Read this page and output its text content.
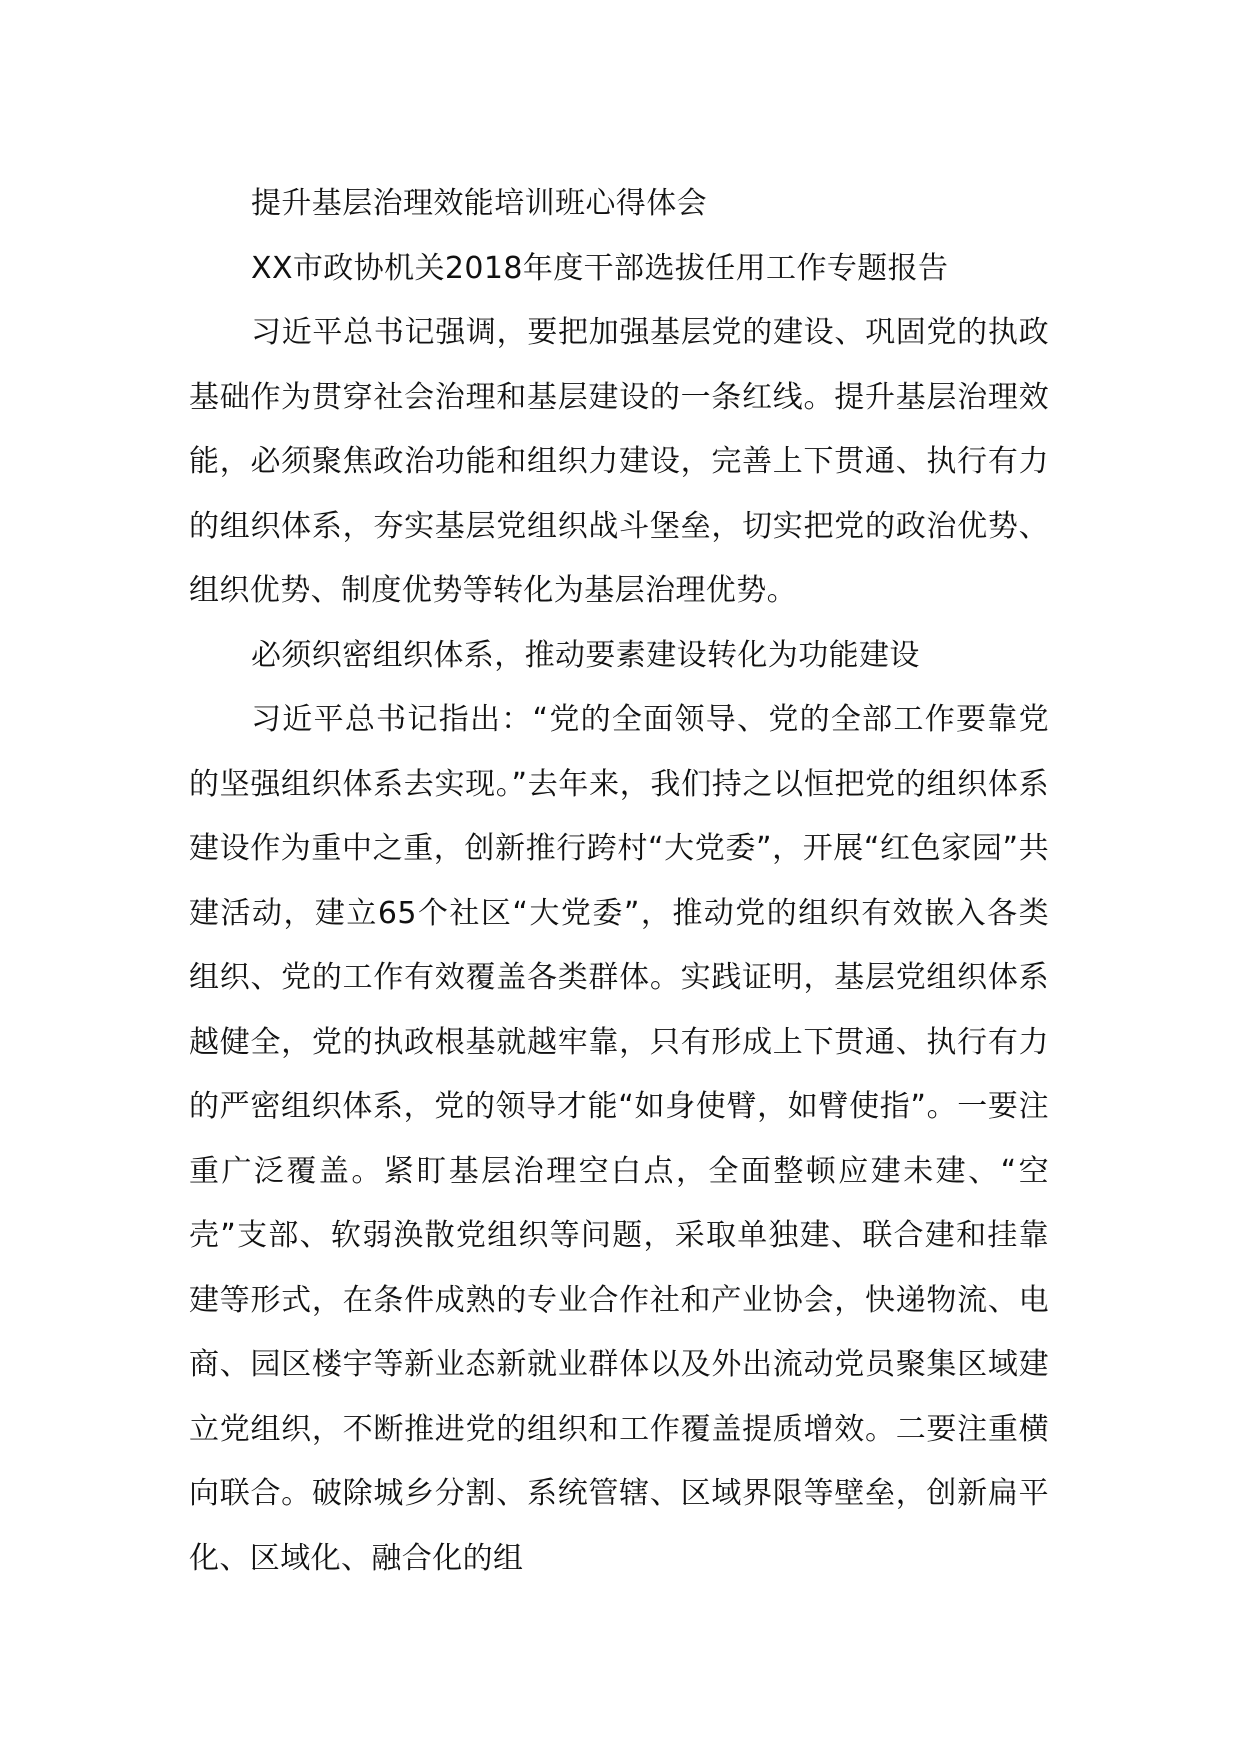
提升基层治理效能培训班心得体会

XX市政协机关2018年度干部选拔任用工作专题报告

习近平总书记强调，要把加强基层党的建设、巩固党的执政基础作为贯穿社会治理和基层建设的一条红线。提升基层治理效能，必须聚焦政治功能和组织力建设，完善上下贯通、执行有力的组织体系，夯实基层党组织战斗堡垒，切实把党的政治优势、组织优势、制度优势等转化为基层治理优势。

必须织密组织体系，推动要素建设转化为功能建设

习近平总书记指出：“党的全面领导、党的全部工作要靠党的坚强组织体系去实现。”去年来，我们持之以恒把党的组织体系建设作为重中之重，创新推行跨村“大党委”，开展“红色家园”共建活动，建立65个社区“大党委”，推动党的组织有效嵌入各类组织、党的工作有效覆盖各类群体。实践证明，基层党组织体系越健全，党的执政根基就越牢靠，只有形成上下贯通、执行有力的严密组织体系，党的领导才能“如身使臂，如臂使指”。一要注重广泛覆盖。紧盯基层治理空白点，全面整顿应建未建、“空壳”支部、软弱涣散党组织等问题，采取单独建、联合建和挂靠建等形式，在条件成熟的专业合作社和产业协会，快递物流、电商、园区楼宇等新业态新就业群体以及外出流动党员聚集区域建立党组织，不断推进党的组织和工作覆盖提质增效。二要注重横向联合。破除城乡分割、系统管辖、区域界限等壁垒，创新扁平化、区域化、融合化的组
